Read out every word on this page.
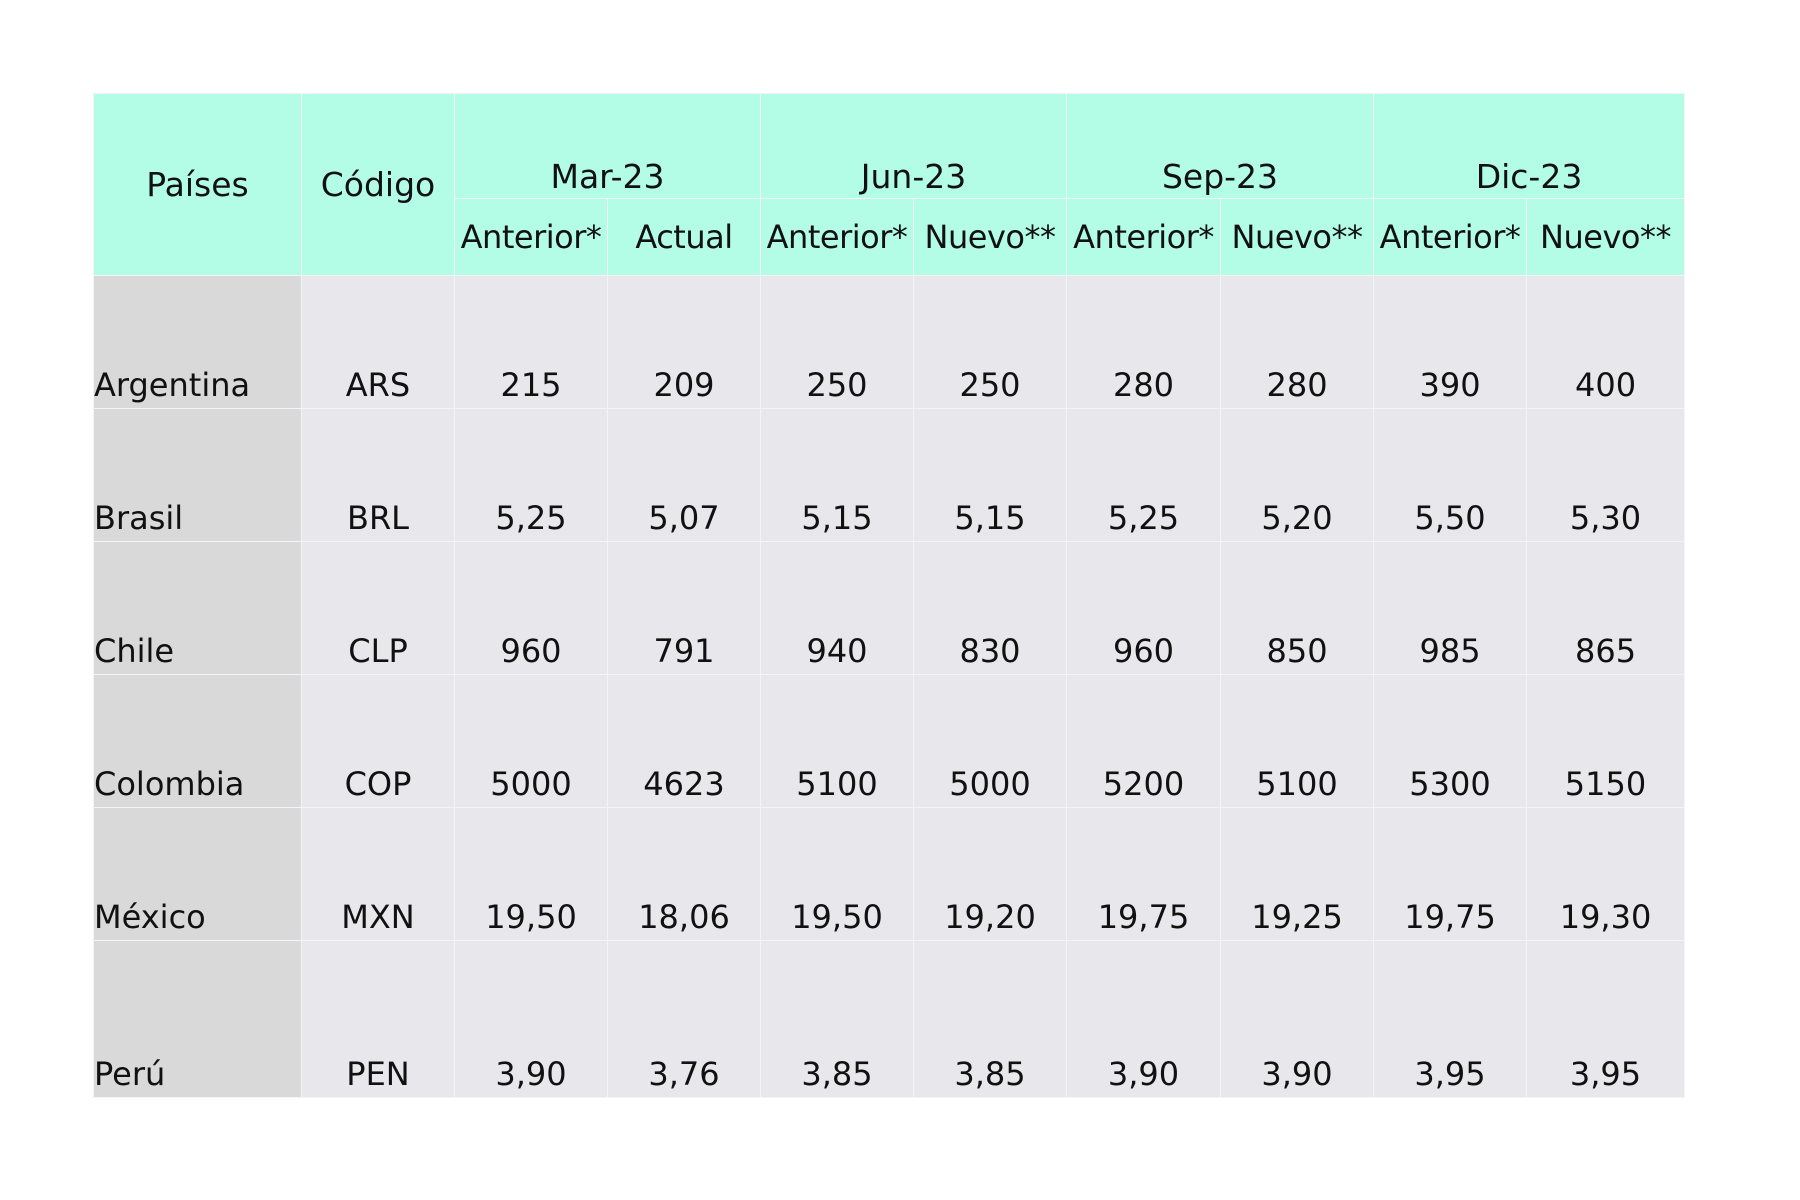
Países	Código	Mar-23		Jun-23		Sep-23		Dic-23	
		Anterior*	Actual	Anterior*	Nuevo**	Anterior*	Nuevo**	Anterior*	Nuevo**
Argentina	ARS	215	209	250	250	280	280	390	400
Brasil	BRL	5,25	5,07	5,15	5,15	5,25	5,20	5,50	5,30
Chile	CLP	960	791	940	830	960	850	985	865
Colombia	COP	5000	4623	5100	5000	5200	5100	5300	5150
México	MXN	19,50	18,06	19,50	19,20	19,75	19,25	19,75	19,30
Perú	PEN	3,90	3,76	3,85	3,85	3,90	3,90	3,95	3,95
